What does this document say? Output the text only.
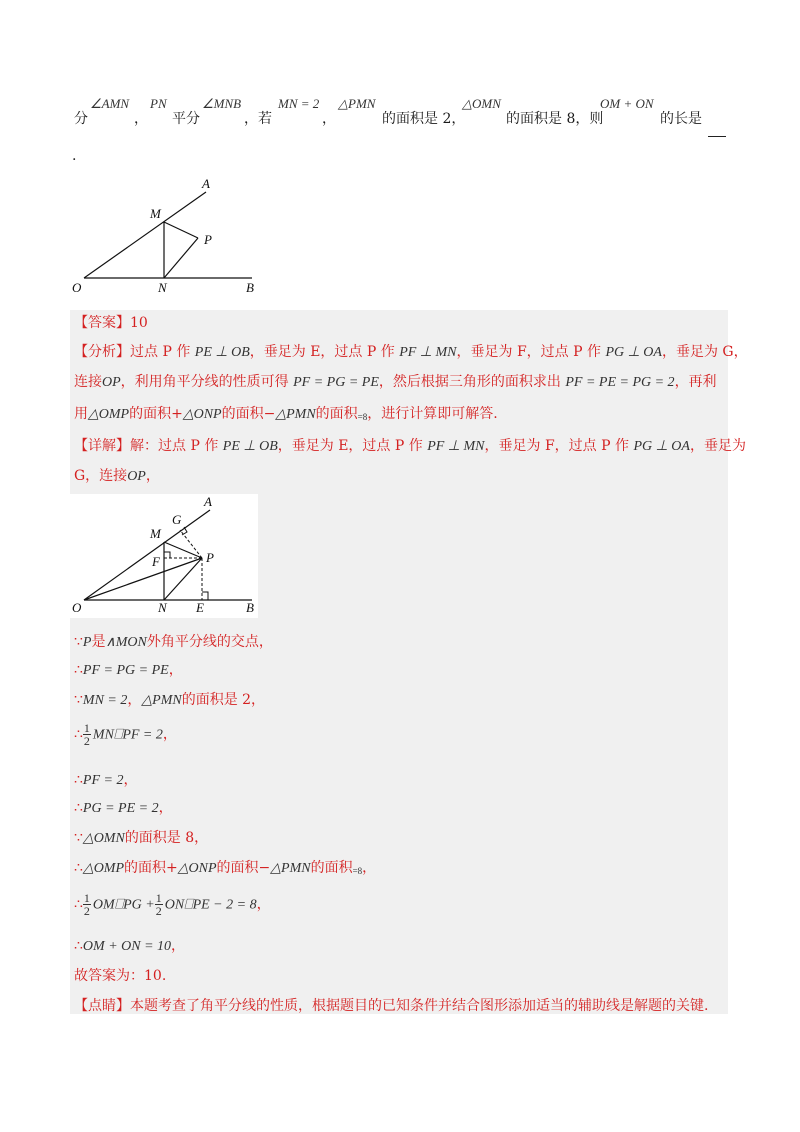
分
∠AMN
，
PN
平分
∠MNB
，若
MN = 2
，
△PMN
的面积是 2，
△OMN
的面积是 8，则
OM + ON
的长是
.
A
M
P
O	N	B
【答案】10
【分析】过点 P 作 PE ⊥ OB，垂足为 E，过点 P 作 PF ⊥ MN，垂足为 F，过点 P 作 PG ⊥ OA，垂足为 G，
连接OP，利用角平分线的性质可得 PF = PG = PE，然后根据三角形的面积求出 PF = PE = PG = 2，再利
用△OMP的面积+△ONP的面积−△PMN的面积$_{=8}$，进行计算即可解答.
【详解】解：过点 P 作 PE ⊥ OB，垂足为 E，过点 P 作 PF ⊥ MN，垂足为 F，过点 P 作 PG ⊥ OA，垂足为
G，连接OP，
A
M
G
F	P
O	N E	B
∵P是∧MON外角平分线的交点，
∴PF = PG = PE，
∵MN = 2，△PMN的面积是 2，
∴ $\frac{1}{2}$ MN⎕PF = 2，
∴PF = 2，
∴PG = PE = 2，
∵△OMN的面积是 8，
∴△OMP的面积+△ONP的面积−△PMN的面积$_{=8}$，
∴ $\frac{1}{2}$ OM⎕PG + $\frac{1}{2}$ ON⎕PE − 2 = 8，
∴OM + ON = 10，
故答案为：10.
【点睛】本题考查了角平分线的性质，根据题目的已知条件并结合图形添加适当的辅助线是解题的关键.
